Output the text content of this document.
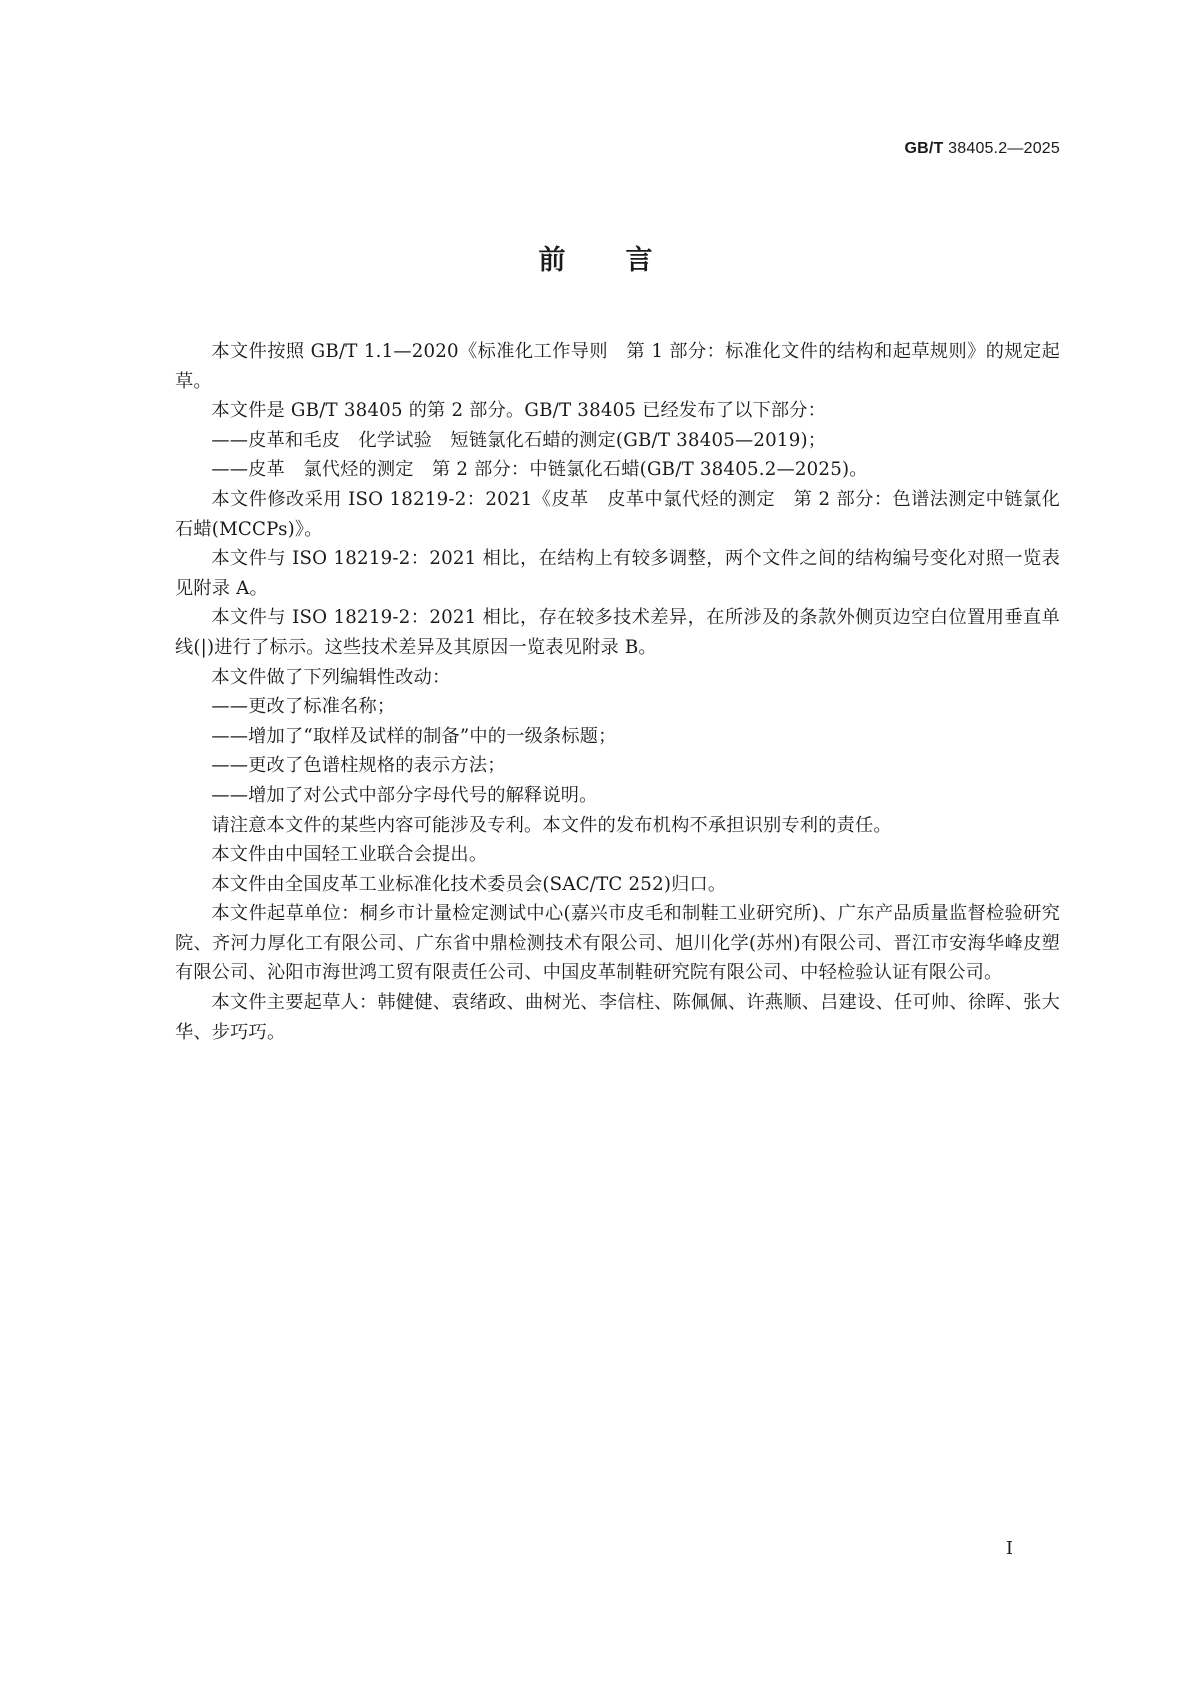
GB/T 38405.2—2025
前言

本文件按照 GB/T 1.1—2020《标准化工作导则　第 1 部分：标准化文件的结构和起草规则》的规定起草。

本文件是 GB/T 38405 的第 2 部分。GB/T 38405 已经发布了以下部分：

——皮革和毛皮　化学试验　短链氯化石蜡的测定(GB/T 38405—2019)；

——皮革　氯代烃的测定　第 2 部分：中链氯化石蜡(GB/T 38405.2—2025)。

本文件修改采用 ISO 18219-2：2021《皮革　皮革中氯代烃的测定　第 2 部分：色谱法测定中链氯化石蜡(MCCPs)》。

本文件与 ISO 18219-2：2021 相比，在结构上有较多调整，两个文件之间的结构编号变化对照一览表见附录 A。

本文件与 ISO 18219-2：2021 相比，存在较多技术差异，在所涉及的条款外侧页边空白位置用垂直单线(|)进行了标示。这些技术差异及其原因一览表见附录 B。

本文件做了下列编辑性改动：

——更改了标准名称；

——增加了“取样及试样的制备”中的一级条标题；

——更改了色谱柱规格的表示方法；

——增加了对公式中部分字母代号的解释说明。

请注意本文件的某些内容可能涉及专利。本文件的发布机构不承担识别专利的责任。

本文件由中国轻工业联合会提出。

本文件由全国皮革工业标准化技术委员会(SAC/TC 252)归口。

本文件起草单位：桐乡市计量检定测试中心(嘉兴市皮毛和制鞋工业研究所)、广东产品质量监督检验研究院、齐河力厚化工有限公司、广东省中鼎检测技术有限公司、旭川化学(苏州)有限公司、晋江市安海华峰皮塑有限公司、沁阳市海世鸿工贸有限责任公司、中国皮革制鞋研究院有限公司、中轻检验认证有限公司。

本文件主要起草人：韩健健、袁绪政、曲树光、李信柱、陈佩佩、许燕顺、吕建设、任可帅、徐晖、张大华、步巧巧。

I
